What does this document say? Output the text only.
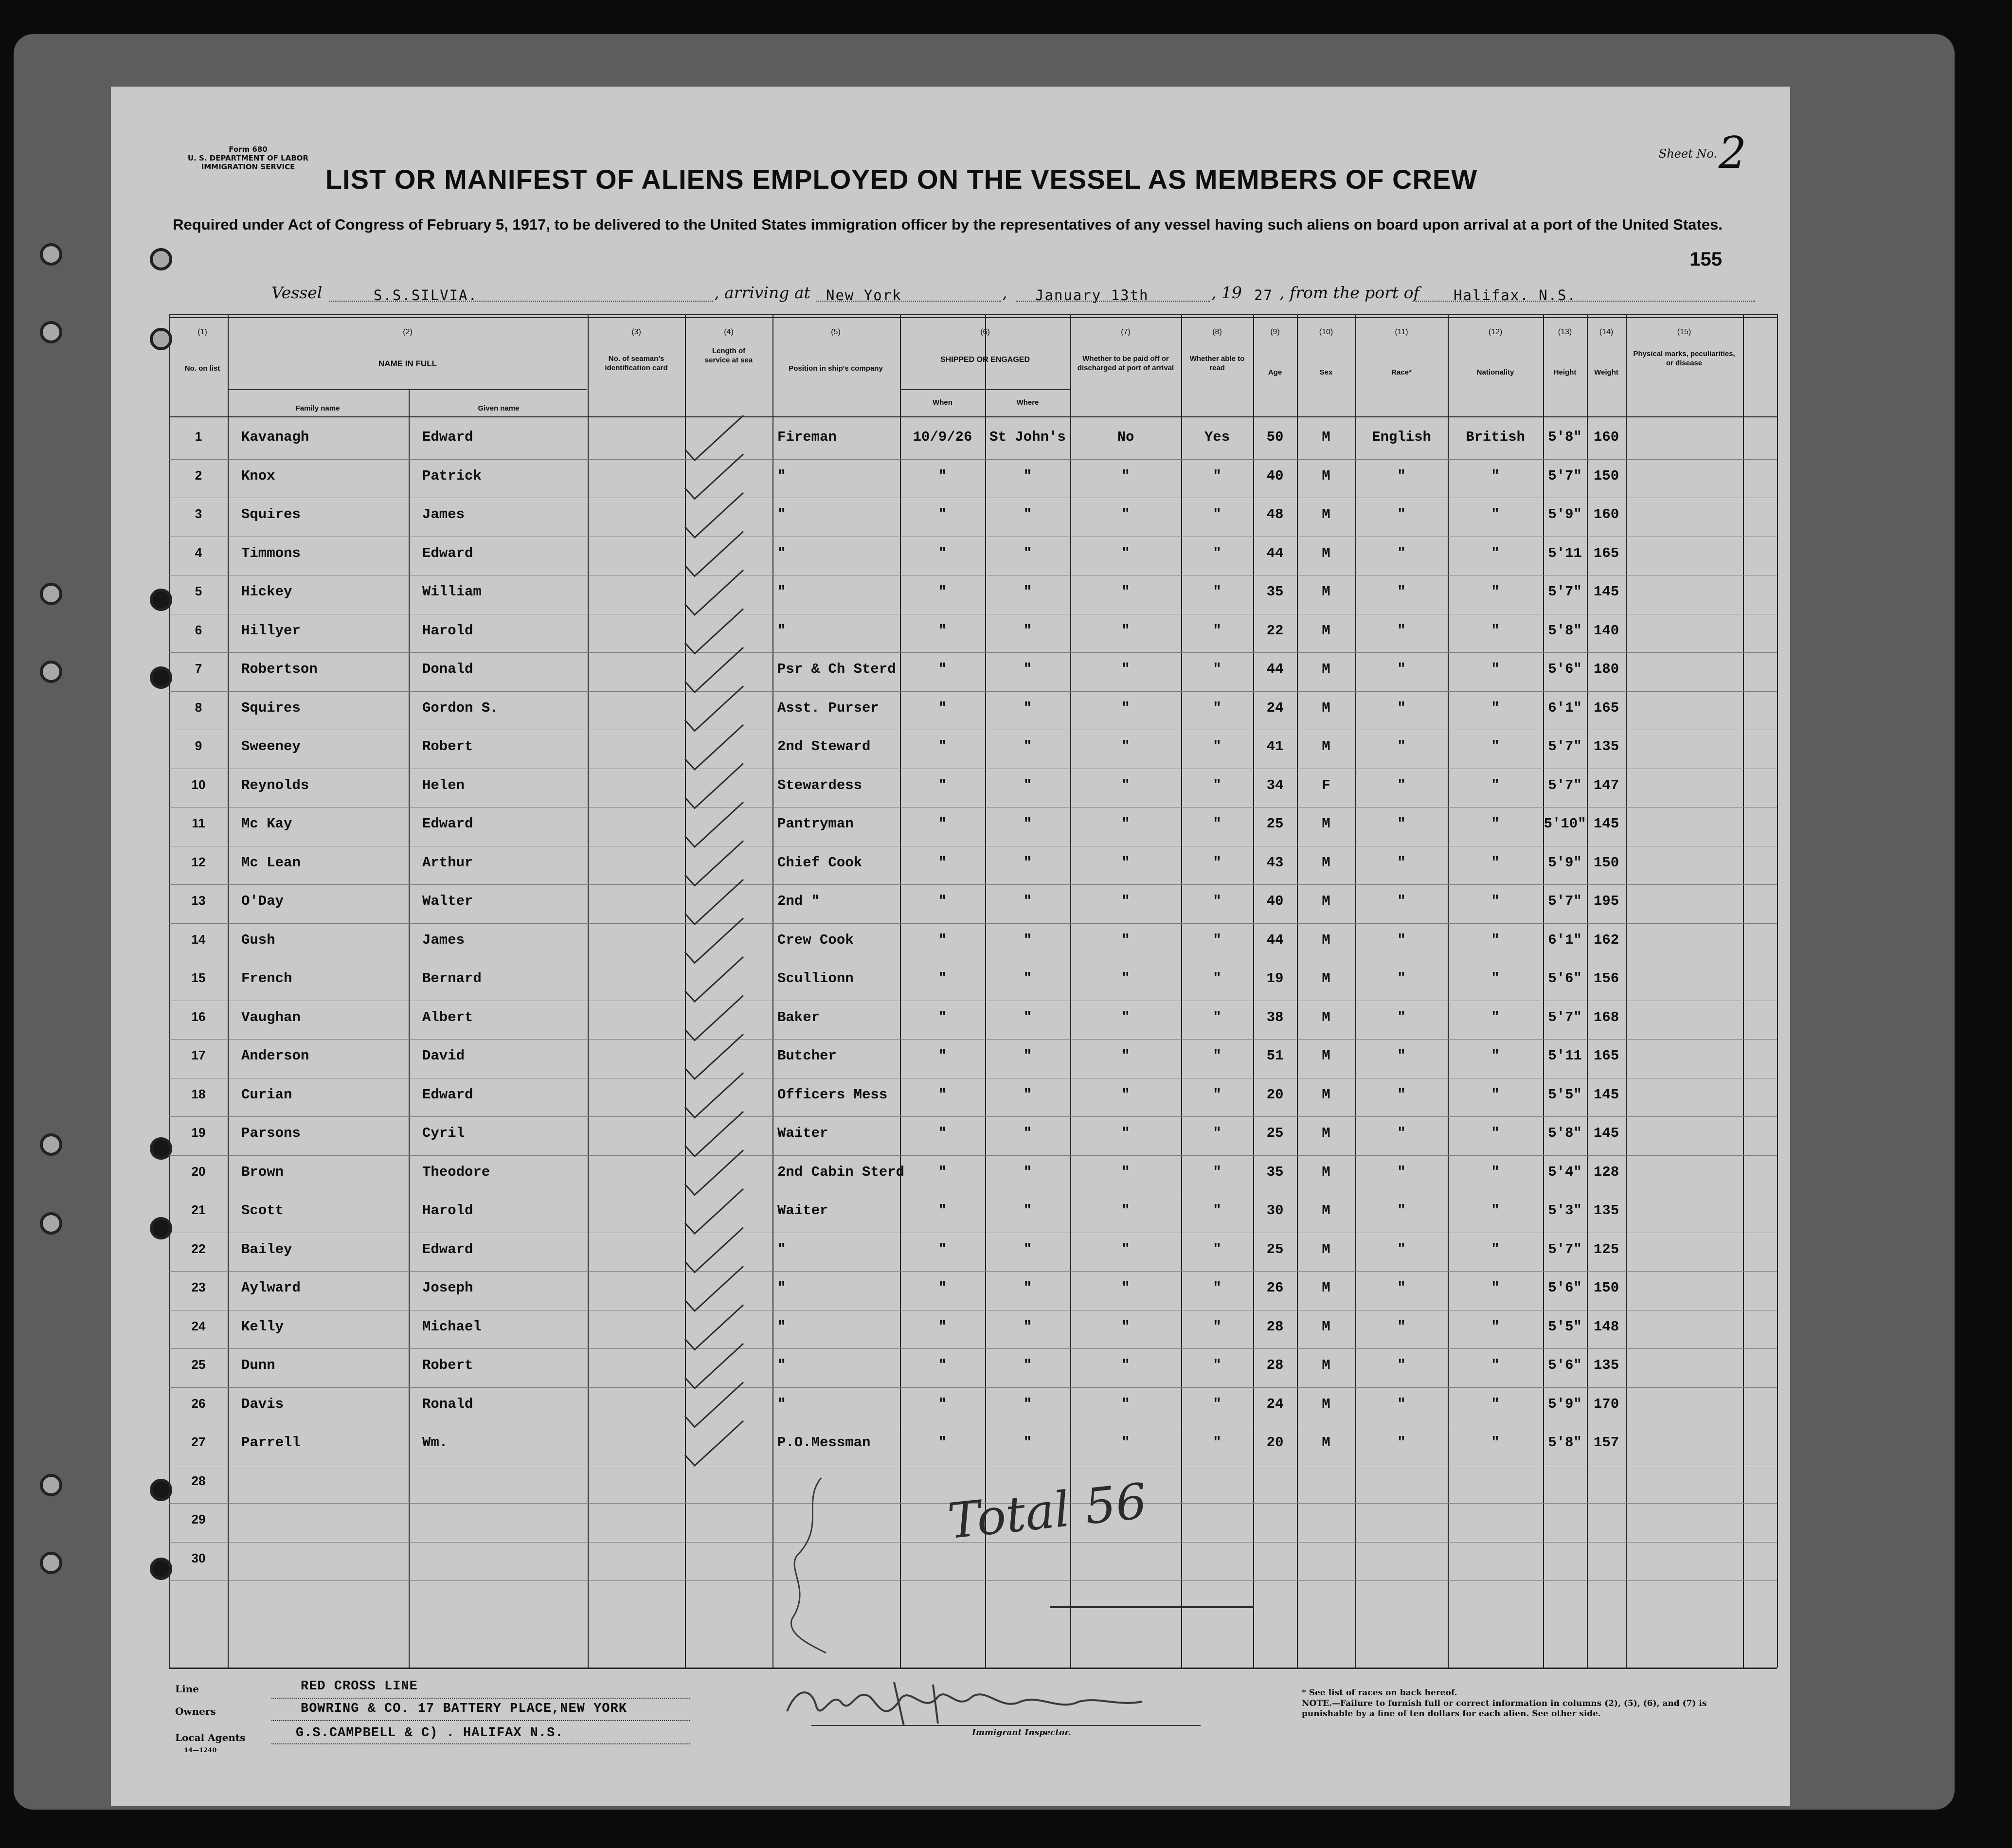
Form 680
U. S. DEPARTMENT OF LABOR
IMMIGRATION SERVICE
Sheet No. 2
LIST OR MANIFEST OF ALIENS EMPLOYED ON THE VESSEL AS MEMBERS OF CREW
Required under Act of Congress of February 5, 1917, to be delivered to the United States immigration officer by the representatives of any vessel having such aliens on board upon arrival at a port of the United States.
155
Vessel	S.S.SILVIA.	, arriving at New York	, January 13th	, 19 27 , from the port of Halifax. N.S.
(1)
No. on list
(2)
NAME IN FULL
Family name	Given name
(3)
No. of seaman's identification card
(4)
Length of service at sea
(5)
Position in ship's company
(6)
SHIPPED OR ENGAGED
When	Where
(7)
Whether to be paid off or discharged at port of arrival
(8)
Whether able to read
(9)
Age
(10)
Sex
(11)
Race*
(12)
Nationality
(13)
Height
(14)
Weight
(15)
Physical marks, peculiarities, or disease
1	Kavanagh	Edward	Fireman	10/9/26	St John's	No	Yes	50	M	English	British	5'8" 160
2	Knox	Patrick	"	"	"	"	"	40	M	"	"	5'7" 150
3	Squires	James	"	"	"	"	"	48	M	"	"	5'9" 160
4	Timmons	Edward	"	"	"	"	"	44	M	"	"	5'11 165
5	Hickey	William	"	"	"	"	"	35	M	"	"	5'7" 145
6	Hillyer	Harold	"	"	"	"	"	22	M	"	"	5'8" 140
7	Robertson	Donald	Psr & Ch Sterd	"	"	"	"	44	M	"	"	5'6" 180
8	Squires	Gordon S.	Asst. Purser	"	"	"	"	24	M	"	"	6'1" 165
9	Sweeney	Robert	2nd Steward	"	"	"	"	41	M	"	"	5'7" 135
10	Reynolds	Helen	Stewardess	"	"	"	"	34	F	"	"	5'7" 147
11	Mc Kay	Edward	Pantryman	"	"	"	"	25	M	"	"	5'10" 145
12	Mc Lean	Arthur	Chief Cook	"	"	"	"	43	M	"	"	5'9" 150
13	O'Day	Walter	2nd "	"	"	"	"	40	M	"	"	5'7" 195
14	Gush	James	Crew Cook	"	"	"	"	44	M	"	"	6'1" 162
15	French	Bernard	Scullionn	"	"	"	"	19	M	"	"	5'6" 156
16	Vaughan	Albert	Baker	"	"	"	"	38	M	"	"	5'7" 168
17	Anderson	David	Butcher	"	"	"	"	51	M	"	"	5'11 165
18	Curian	Edward	Officers Mess	"	"	"	"	20	M	"	"	5'5" 145
19	Parsons	Cyril	Waiter	"	"	"	"	25	M	"	"	5'8" 145
20	Brown	Theodore	2nd Cabin Sterd	"	"	"	"	35	M	"	"	5'4" 128
21	Scott	Harold	Waiter	"	"	"	"	30	M	"	"	5'3" 135
22	Bailey	Edward	"	"	"	"	"	25	M	"	"	5'7" 125
23	Aylward	Joseph	"	"	"	"	"	26	M	"	"	5'6" 150
24	Kelly	Michael	"	"	"	"	"	28	M	"	"	5'5" 148
25	Dunn	Robert	"	"	"	"	"	28	M	"	"	5'6" 135
26	Davis	Ronald	"	"	"	"	"	24	M	"	"	5'9" 170
27	Parrell	Wm.	P.O.Messman	"	"	"	"	20	M	"	"	5'8" 157
28
29
30
Total 56
Line	RED CROSS LINE
Owners	BOWRING & CO. 17 BATTERY PLACE,NEW YORK
Local Agents	G.S.CAMPBELL & C) . HALIFAX N.S.
14—1240
Immigrant Inspector.
* See list of races on back hereof.
NOTE.—Failure to furnish full or correct information in columns (2), (5), (6), and (7) is punishable by a fine of ten dollars for each alien. See other side.
